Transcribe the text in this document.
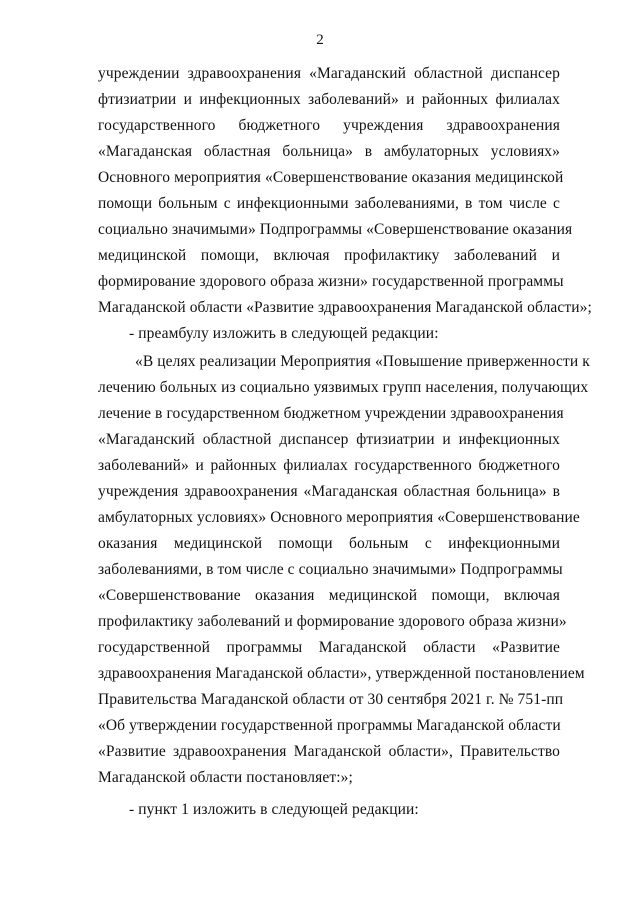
2
учреждении здравоохранения «Магаданский областной диспансер
фтизиатрии и инфекционных заболеваний» и районных филиалах
государственного бюджетного учреждения здравоохранения
«Магаданская областная больница» в амбулаторных условиях»
Основного мероприятия «Совершенствование оказания медицинской
помощи больным с инфекционными заболеваниями, в том числе с
социально значимыми» Подпрограммы «Совершенствование оказания
медицинской помощи, включая профилактику заболеваний и
формирование здорового образа жизни» государственной программы
Магаданской области «Развитие здравоохранения Магаданской области»;
- преамбулу изложить в следующей редакции:
«В целях реализации Мероприятия «Повышение приверженности к
лечению больных из социально уязвимых групп населения, получающих
лечение в государственном бюджетном учреждении здравоохранения
«Магаданский областной диспансер фтизиатрии и инфекционных
заболеваний» и районных филиалах государственного бюджетного
учреждения здравоохранения «Магаданская областная больница» в
амбулаторных условиях» Основного мероприятия «Совершенствование
оказания медицинской помощи больным с инфекционными
заболеваниями, в том числе с социально значимыми» Подпрограммы
«Совершенствование оказания медицинской помощи, включая
профилактику заболеваний и формирование здорового образа жизни»
государственной программы Магаданской области «Развитие
здравоохранения Магаданской области», утвержденной постановлением
Правительства Магаданской области от 30 сентября 2021 г. № 751-пп
«Об утверждении государственной программы Магаданской области
«Развитие здравоохранения Магаданской области», Правительство
Магаданской области постановляет:»;
- пункт 1 изложить в следующей редакции:
